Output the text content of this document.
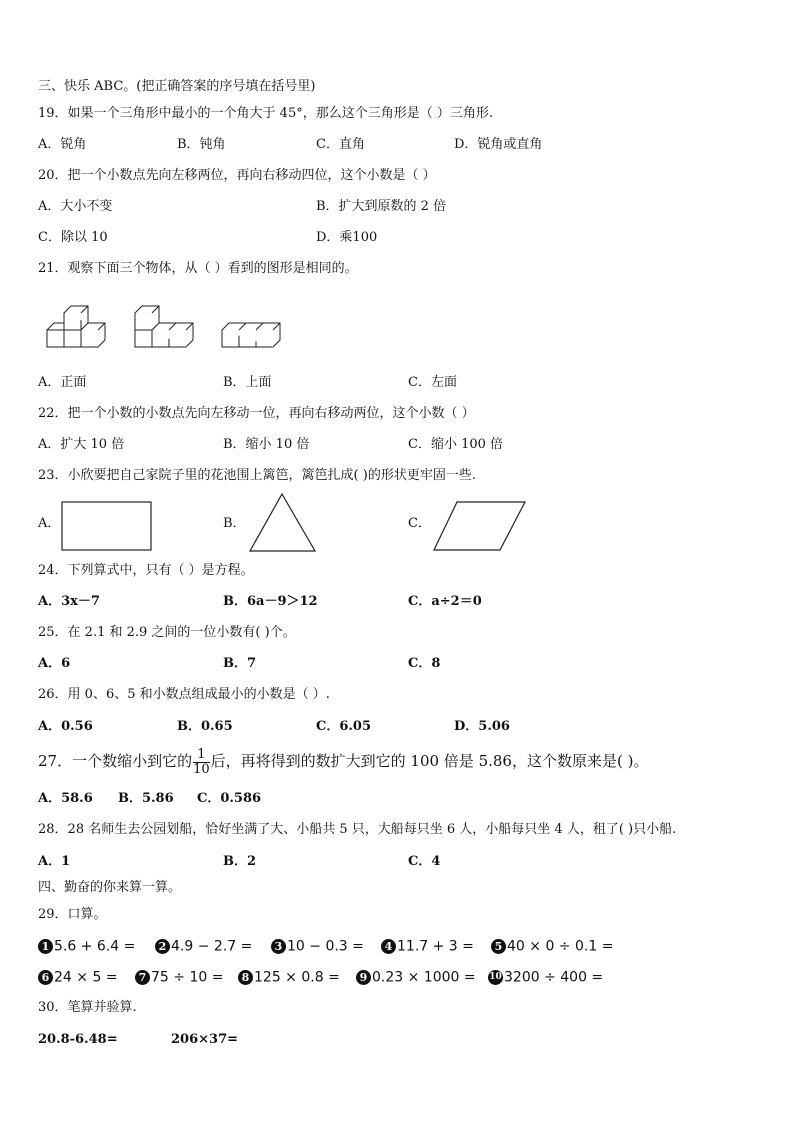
三、快乐 ABC。(把正确答案的序号填在括号里)
19．如果一个三角形中最小的一个角大于 45°，那么这个三角形是（ ）三角形.
A．锐角	B．钝角	C．直角	D．锐角或直角
20．把一个小数点先向左移两位，再向右移动四位，这个小数是（ ）
A．大小不变	B．扩大到原数的 2 倍
C．除以 10	D．乘100
21．观察下面三个物体，从（ ）看到的图形是相同的。
A．正面	B．上面	C．左面
22．把一个小数的小数点先向左移动一位，再向右移动两位，这个小数（ ）
A．扩大 10 倍	B．缩小 10 倍	C．缩小 100 倍
23．小欣要把自己家院子里的花池围上篱笆，篱笆扎成( )的形状更牢固一些.
A．	B．	C．
24．下列算式中，只有（ ）是方程。
A．3x－7	B．6a－9＞12	C．a÷2＝0
25．在 2.1 和 2.9 之间的一位小数有( )个。
A．6	B．7	C．8
26．用 0、6、5 和小数点组成最小的小数是（ ）.
A．0.56	B．0.65	C．6.05	D．5.06
27．一个数缩小到它的 $\frac{1}{10}$ 后，再将得到的数扩大到它的 100 倍是 5.86，这个数原来是( )。
A．58.6 B．5.86 C．0.586
28．28 名师生去公园划船，恰好坐满了大、小船共 5 只，大船每只坐 6 人，小船每只坐 4 人，租了( )只小船.
A．1	B．2	C．4
四、勤奋的你来算一算。
29．口算。
1 5.6 + 6.4 =	2 4.9 − 2.7 =	3 10 − 0.3 =	4 11.7 + 3 =	5 40 × 0 ÷ 0.1 =
6 24 × 5 =	7 75 ÷ 10 =	8 125 × 0.8 =	9 0.23 × 1000 = 10 3200 ÷ 400 =
30．笔算并验算.
20.8-6.48=	206×37=
